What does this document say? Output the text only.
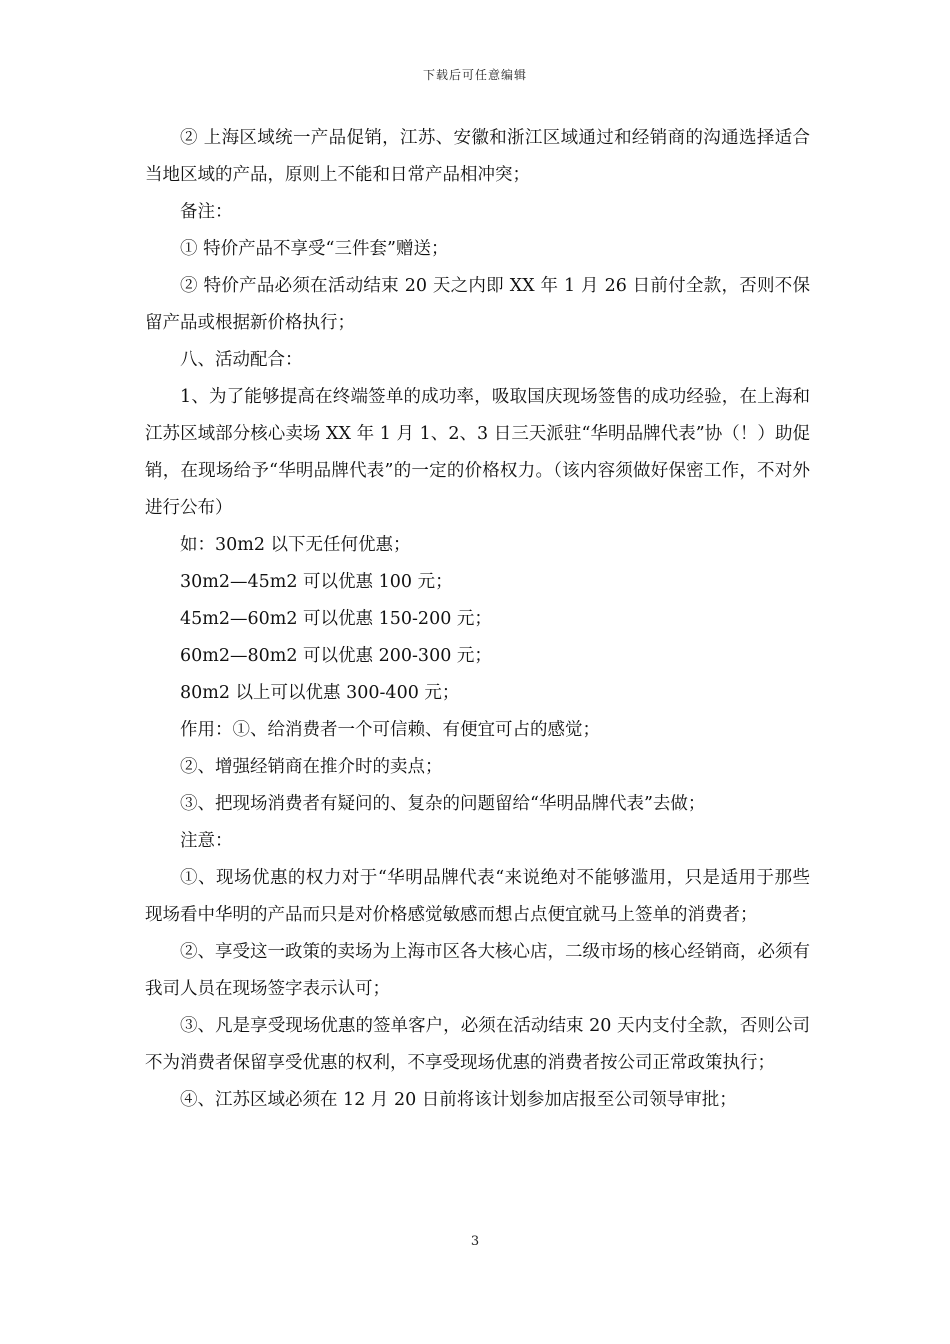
下载后可任意编辑

② 上海区域统一产品促销，江苏、安徽和浙江区域通过和经销商的沟通选择适合当地区域的产品，原则上不能和日常产品相冲突；

备注：

① 特价产品不享受“三件套”赠送；

② 特价产品必须在活动结束 20 天之内即 XX 年 1 月 26 日前付全款，否则不保留产品或根据新价格执行；

八、活动配合：

1、为了能够提高在终端签单的成功率，吸取国庆现场签售的成功经验，在上海和江苏区域部分核心卖场 XX 年 1 月 1、2、3 日三天派驻“华明品牌代表”协（！）助促销，在现场给予“华明品牌代表”的一定的价格权力。（该内容须做好保密工作，不对外进行公布）

如：30m2 以下无任何优惠；

30m2—45m2 可以优惠 100 元；

45m2—60m2 可以优惠 150-200 元；

60m2—80m2 可以优惠 200-300 元；

80m2 以上可以优惠 300-400 元；

作用：①、给消费者一个可信赖、有便宜可占的感觉；

②、增强经销商在推介时的卖点；

③、把现场消费者有疑问的、复杂的问题留给“华明品牌代表”去做；

注意：

①、现场优惠的权力对于“华明品牌代表“来说绝对不能够滥用，只是适用于那些现场看中华明的产品而只是对价格感觉敏感而想占点便宜就马上签单的消费者；

②、享受这一政策的卖场为上海市区各大核心店，二级市场的核心经销商，必须有我司人员在现场签字表示认可；

③、凡是享受现场优惠的签单客户，必须在活动结束 20 天内支付全款，否则公司不为消费者保留享受优惠的权利，不享受现场优惠的消费者按公司正常政策执行；

④、江苏区域必须在 12 月 20 日前将该计划参加店报至公司领导审批；

3
